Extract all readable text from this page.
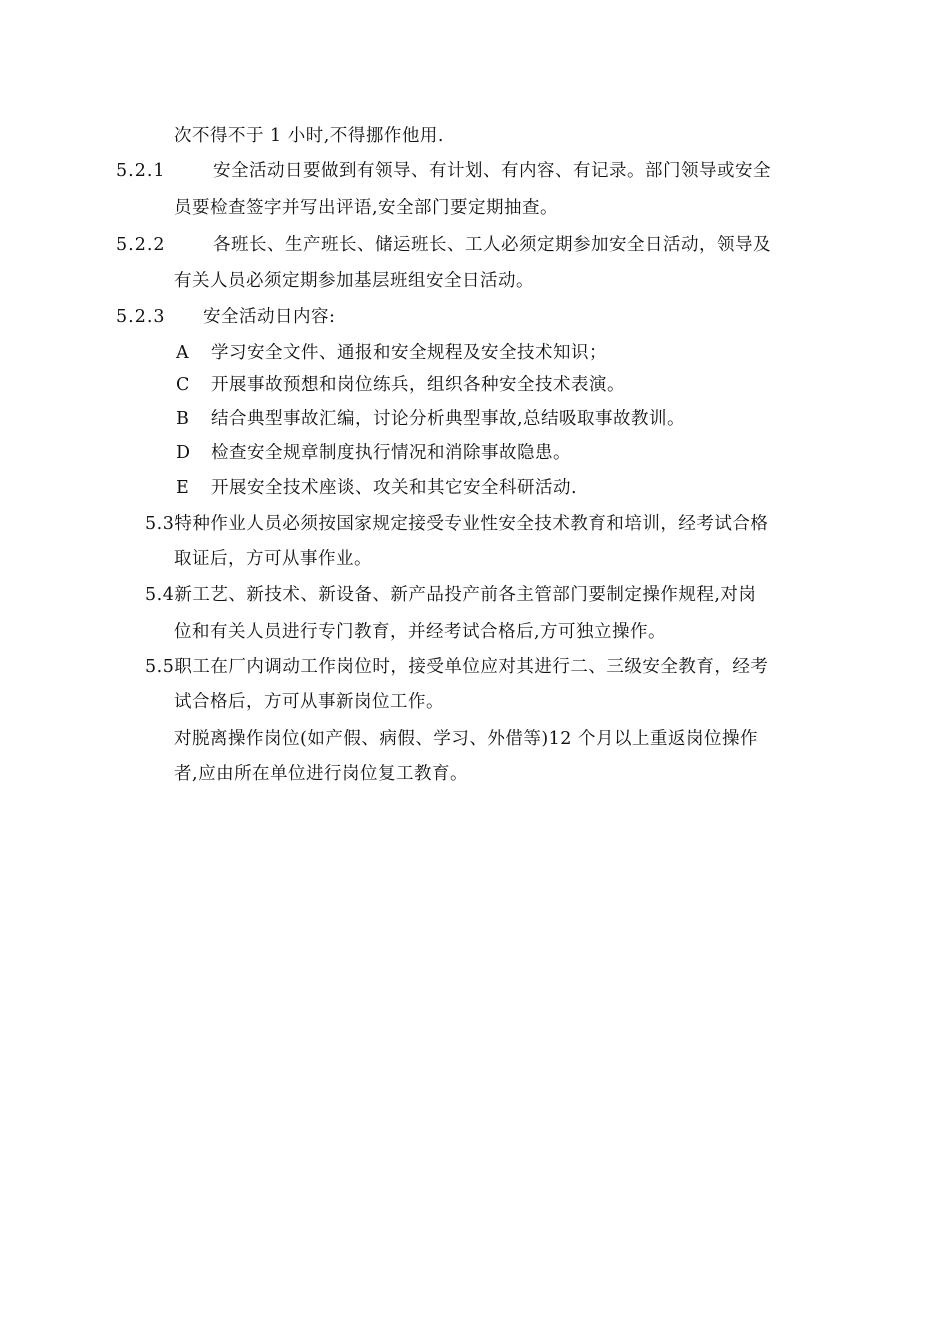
次不得不于 1 小时,不得挪作他用.
5.2.1	安全活动日要做到有领导、有计划、有内容、有记录。部门领导或安全
员要检查签字并写出评语,安全部门要定期抽查。
5.2.2	各班长、生产班长、储运班长、工人必须定期参加安全日活动，领导及
有关人员必须定期参加基层班组安全日活动。
5.2.3 安全活动日内容:
A 学习安全文件、通报和安全规程及安全技术知识；
C 开展事故预想和岗位练兵，组织各种安全技术表演。
B 结合典型事故汇编，讨论分析典型事故,总结吸取事故教训。
D 检查安全规章制度执行情况和消除事故隐患。
E 开展安全技术座谈、攻关和其它安全科研活动.
5.3特种作业人员必须按国家规定接受专业性安全技术教育和培训，经考试合格
取证后，方可从事作业。
5.4新工艺、新技术、新设备、新产品投产前各主管部门要制定操作规程,对岗
位和有关人员进行专门教育，并经考试合格后,方可独立操作。
5.5职工在厂内调动工作岗位时，接受单位应对其进行二、三级安全教育，经考
试合格后，方可从事新岗位工作。
对脱离操作岗位(如产假、病假、学习、外借等)12 个月以上重返岗位操作
者,应由所在单位进行岗位复工教育。
